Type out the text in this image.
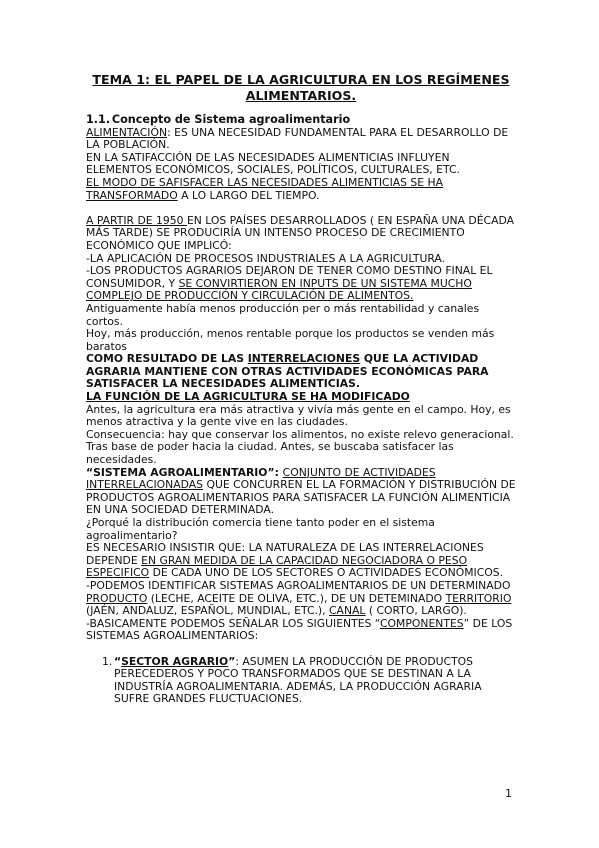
TEMA 1: EL PAPEL DE LA AGRICULTURA EN LOS REGÍMENES ALIMENTARIOS.
1.1. Concepto de Sistema agroalimentario

ALIMENTACIÓN: ES UNA NECESIDAD FUNDAMENTAL PARA EL DESARROLLO DE LA POBLACIÓN.

EN LA SATIFACCIÓN DE LAS NECESIDADES ALIMENTICIAS INFLUYEN ELEMENTOS ECONÓMICOS, SOCIALES, POLÍTICOS, CULTURALES, ETC.

EL MODO DE SAFISFACER LAS NECESIDADES ALIMENTICIAS SE HA TRANSFORMADO A LO LARGO DEL TIEMPO.

A PARTIR DE 1950 EN LOS PAÍSES DESARROLLADOS ( EN ESPAÑA UNA DÉCADA MÁS TARDE) SE PRODUCIRÍA UN INTENSO PROCESO DE CRECIMIENTO ECONÓMICO QUE IMPLICÓ:

-LA APLICACIÓN DE PROCESOS INDUSTRIALES A LA AGRICULTURA.

-LOS PRODUCTOS AGRARIOS DEJARON DE TENER COMO DESTINO FINAL EL CONSUMIDOR, Y SE CONVIRTIERON EN INPUTS DE UN SISTEMA MUCHO COMPLEJO DE PRODUCCIÓN Y CIRCULACIÓN DE ALIMENTOS.

Antiguamente había menos producción per o más rentabilidad y canales cortos.

Hoy, más producción, menos rentable porque los productos se venden más baratos

COMO RESULTADO DE LAS INTERRELACIONES QUE LA ACTIVIDAD AGRARIA MANTIENE CON OTRAS ACTIVIDADES ECONÓMICAS PARA SATISFACER LA NECESIDADES ALIMENTICIAS.

LA FUNCIÓN DE LA AGRICULTURA SE HA MODIFICADO

Antes, la agricultura era más atractiva y vivía más gente en el campo. Hoy, es menos atractiva y la gente vive en las ciudades.

Consecuencia: hay que conservar los alimentos, no existe relevo generacional. Tras base de poder hacia la ciudad. Antes, se buscaba satisfacer las necesidades.

“SISTEMA AGROALIMENTARIO”: CONJUNTO DE ACTIVIDADES INTERRELACIONADAS QUE CONCURREN EL LA FORMACIÓN Y DISTRIBUCIÓN DE PRODUCTOS AGROALIMENTARIOS PARA SATISFACER LA FUNCIÓN ALIMENTICIA EN UNA SOCIEDAD DETERMINADA.

¿Porqué la distribución comercia tiene tanto poder en el sistema agroalimentario?

ES NECESARIO INSISTIR QUE: LA NATURALEZA DE LAS INTERRELACIONES DEPENDE EN GRAN MEDIDA DE LA CAPACIDAD NEGOCIADORA O PESO ESPECIFICO DE CADA UNO DE LOS SECTORES O ACTIVIDADES ECONÓMICOS.

-PODEMOS IDENTIFICAR SISTEMAS AGROALIMENTARIOS DE UN DETERMINADO PRODUCTO (LECHE, ACEITE DE OLIVA, ETC.), DE UN DETEMINADO TERRITORIO (JAÉN, ANDALUZ, ESPAÑOL, MUNDIAL, ETC.), CANAL ( CORTO, LARGO).

-BASICAMENTE PODEMOS SEÑALAR LOS SIGUIENTES “COMPONENTES” DE LOS SISTEMAS AGROALIMENTARIOS:

1. “SECTOR AGRARIO”: ASUMEN LA PRODUCCIÓN DE PRODUCTOS PERECEDEROS Y POCO TRANSFORMADOS QUE SE DESTINAN A LA INDUSTRÍA AGROALIMENTARIA. ADEMÁS, LA PRODUCCIÓN AGRARIA SUFRE GRANDES FLUCTUACIONES.
1
